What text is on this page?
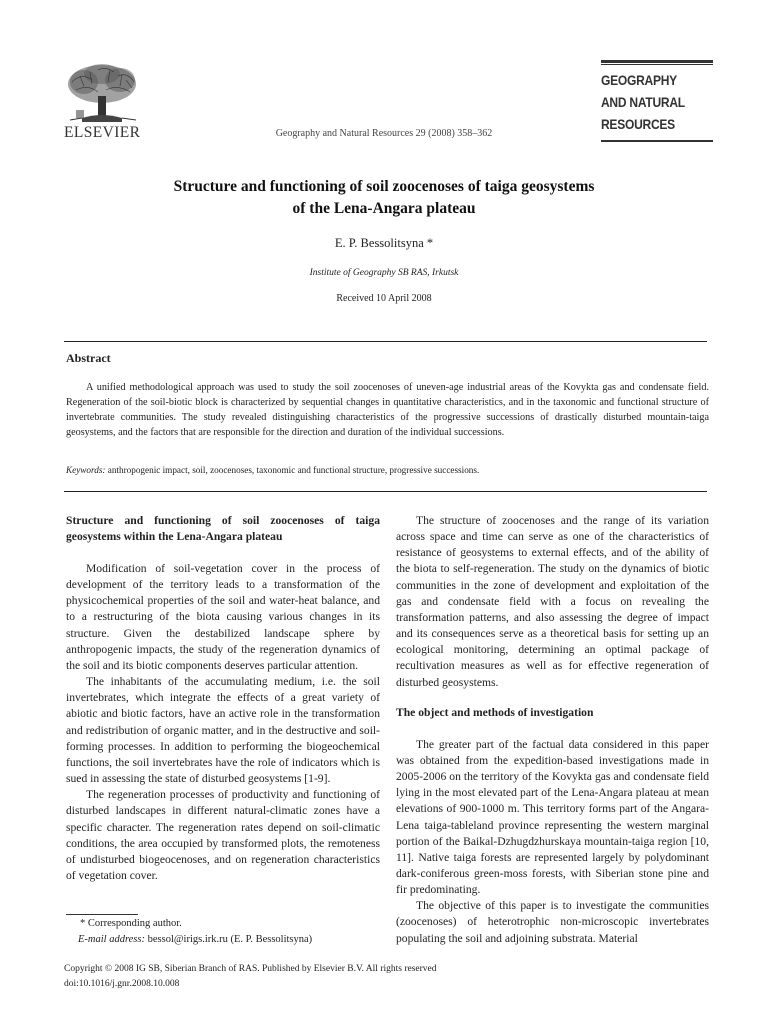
ELSEVIER	Geography and Natural Resources 29 (2008) 358–362
GEOGRAPHY
AND NATURAL
RESOURCES
Structure and functioning of soil zoocenoses of taiga geosystems
of the Lena-Angara plateau
E. P. Bessolitsyna *
Institute of Geography SB RAS, Irkutsk
Received 10 April 2008
Abstract
A unified methodological approach was used to study the soil zoocenoses of uneven-age industrial areas of the Kovykta gas and condensate field. Regeneration of the soil-biotic block is characterized by sequential changes in quantitative characteristics, and in the taxonomic and functional structure of invertebrate communities. The study revealed distinguishing characteristics of the progressive successions of drastically disturbed mountain-taiga geosystems, and the factors that are responsible for the direction and duration of the individual successions.
Keywords: anthropogenic impact, soil, zoocenoses, taxonomic and functional structure, progressive successions.

Structure and functioning of soil zoocenoses of taiga geosystems within the Lena-Angara plateau

Modification of soil-vegetation cover in the process of development of the territory leads to a transformation of the physicochemical properties of the soil and water-heat balance, and to a restructuring of the biota causing various changes in its structure. Given the destabilized landscape sphere by anthropogenic impacts, the study of the regeneration dynamics of the soil and its biotic components deserves particular attention.

The inhabitants of the accumulating medium, i.e. the soil invertebrates, which integrate the effects of a great variety of abiotic and biotic factors, have an active role in the transformation and redistribution of organic matter, and in the destructive and soil-forming processes. In addition to performing the biogeochemical functions, the soil invertebrates have the role of indicators which is sued in assessing the state of disturbed geosystems [1-9].

The regeneration processes of productivity and functioning of disturbed landscapes in different natural-climatic zones have a specific character. The regeneration rates depend on soil-climatic conditions, the area occupied by transformed plots, the remoteness of undisturbed biogeocenoses, and on regeneration characteristics of vegetation cover.

The structure of zoocenoses and the range of its variation across space and time can serve as one of the characteristics of resistance of geosystems to external effects, and of the ability of the biota to self-regeneration. The study on the dynamics of biotic communities in the zone of development and exploitation of the gas and condensate field with a focus on revealing the transformation patterns, and also assessing the degree of impact and its consequences serve as a theoretical basis for setting up an ecological monitoring, determining an optimal package of recultivation measures as well as for effective regeneration of disturbed geosystems.

The object and methods of investigation

The greater part of the factual data considered in this paper was obtained from the expedition-based investigations made in 2005-2006 on the territory of the Kovykta gas and condensate field lying in the most elevated part of the Lena-Angara plateau at mean elevations of 900-1000 m. This territory forms part of the Angara-Lena taiga-tableland province representing the western marginal portion of the Baikal-Dzhugdzhurskaya mountain-taiga region [10, 11]. Native taiga forests are represented largely by polydominant dark-coniferous green-moss forests, with Siberian stone pine and fir predominating.

The objective of this paper is to investigate the communities (zoocenoses) of heterotrophic non-microscopic invertebrates populating the soil and adjoining substrata. Material

* Corresponding author.
E-mail address: bessol@irigs.irk.ru (E. P. Bessolitsyna)
Copyright © 2008 IG SB, Siberian Branch of RAS. Published by Elsevier B.V. All rights reserved
doi:10.1016/j.gnr.2008.10.008
